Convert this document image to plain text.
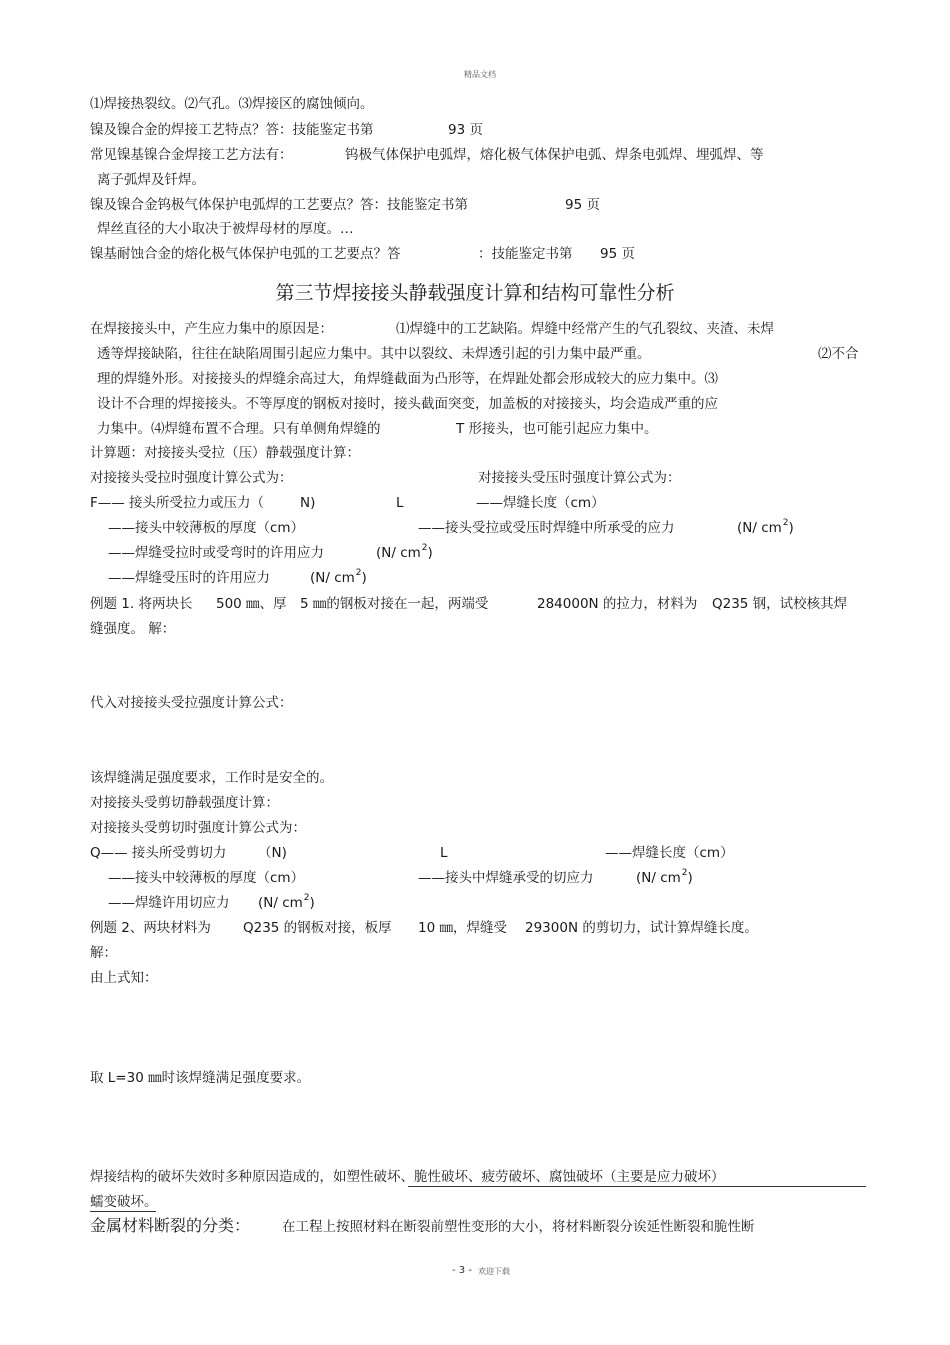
精品文档
⑴焊接热裂纹。⑵气孔。⑶焊接区的腐蚀倾向。
镍及镍合金的焊接工艺特点？答：技能鉴定书第	93 页
常见镍基镍合金焊接工艺方法有：	钨极气体保护电弧焊，熔化极气体保护电弧、焊条电弧焊、埋弧焊、等
离子弧焊及钎焊。
镍及镍合金钨极气体保护电弧焊的工艺要点？答：技能鉴定书第	95 页
焊丝直径的大小取决于被焊母材的厚度。…
镍基耐蚀合金的熔化极气体保护电弧的工艺要点？答	：技能鉴定书第 95 页
第三节焊接接头静载强度计算和结构可靠性分析
在焊接接头中，产生应力集中的原因是：	⑴焊缝中的工艺缺陷。焊缝中经常产生的气孔裂纹、夹渣、未焊
透等焊接缺陷，往往在缺陷周围引起应力集中。其中以裂纹、未焊透引起的引力集中最严重。	⑵不合
理的焊缝外形。对接接头的焊缝余高过大，角焊缝截面为凸形等，在焊趾处都会形成较大的应力集中。⑶
设计不合理的焊接接头。不等厚度的钢板对接时，接头截面突变，加盖板的对接接头，均会造成严重的应
力集中。⑷焊缝布置不合理。只有单侧角焊缝的	T 形接头，也可能引起应力集中。
计算题：对接接头受拉（压）静载强度计算：
对接接头受拉时强度计算公式为：	对接接头受压时强度计算公式为：
F—— 接头所受拉力或压力（	N)	L	——焊缝长度（cm）
——接头中较薄板的厚度（cm）	——接头受拉或受压时焊缝中所承受的应力	(N/ $cm^2$)
——焊缝受拉时或受弯时的许用应力	(N/ $cm^2$)
——焊缝受压时的许用应力	(N/ $cm^2$)
例题 1. 将两块长 500 ㎜、厚 5 ㎜的钢板对接在一起，两端受	284000N 的拉力，材料为 Q235 钢，试校核其焊
缝强度。 解：
代入对接接头受拉强度计算公式：
该焊缝满足强度要求，工作时是安全的。
对接接头受剪切静载强度计算：
对接接头受剪切时强度计算公式为：
Q—— 接头所受剪切力 （N)	L	——焊缝长度（cm）
——接头中较薄板的厚度（cm）	——接头中焊缝承受的切应力	(N/ $cm^2$)
——焊缝许用切应力 (N/ $cm^2$)
例题 2、两块材料为 Q235 的钢板对接，板厚 10 ㎜，焊缝受 29300N 的剪切力，试计算焊缝长度。
解：
由上式知：
取 L=30 ㎜时该焊缝满足强度要求。
焊接结构的破坏失效时多种原因造成的，如塑性破坏、脆性破坏、疲劳破坏、腐蚀破坏（主要是应力破坏）
蠕变破坏。
金属材料断裂的分类： 在工程上按照材料在断裂前塑性变形的大小，将材料断裂分诶延性断裂和脆性断
- 3 - 欢迎下载
